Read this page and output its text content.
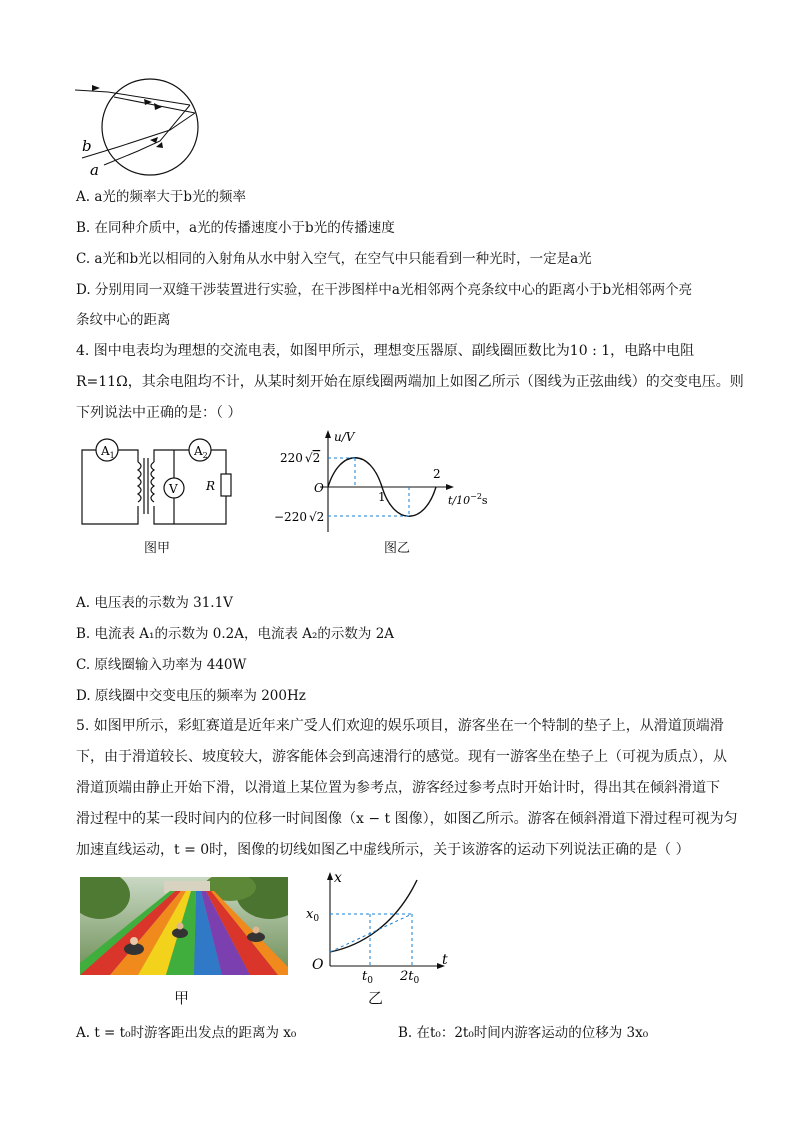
b
a
A. a光的频率大于b光的频率
B. 在同种介质中，a光的传播速度小于b光的传播速度
C. a光和b光以相同的入射角从水中射入空气，在空气中只能看到一种光时，一定是a光
D. 分别用同一双缝干涉装置进行实验，在干涉图样中a光相邻两个亮条纹中心的距离小于b光相邻两个亮
条纹中心的距离
4. 图中电表均为理想的交流电表，如图甲所示，理想变压器原、副线圈匝数比为10 : 1，电路中电阻
R=11Ω，其余电阻均不计，从某时刻开始在原线圈两端加上如图乙所示（图线为正弦曲线）的交变电压。则
下列说法中正确的是：（ ）
$A_1$	$A_2$
V R
图甲
u/V
220 √2
−220 √2
O
1
2
$t/10^{-2}s$
图乙
A. 电压表的示数为 31.1V
B. 电流表 A₁的示数为 0.2A，电流表 A₂的示数为 2A
C. 原线圈输入功率为 440W
D. 原线圈中交变电压的频率为 200Hz
5. 如图甲所示，彩虹赛道是近年来广受人们欢迎的娱乐项目，游客坐在一个特制的垫子上，从滑道顶端滑
下，由于滑道较长、坡度较大，游客能体会到高速滑行的感觉。现有一游客坐在垫子上（可视为质点），从
滑道顶端由静止开始下滑，以滑道上某位置为参考点，游客经过参考点时开始计时，得出其在倾斜滑道下
滑过程中的某一段时间内的位移一时间图像（x − t 图像），如图乙所示。游客在倾斜滑道下滑过程可视为匀
加速直线运动，t = 0时，图像的切线如图乙中虚线所示，关于该游客的运动下列说法正确的是（ ）
甲
x
$x_0$
O
$t_0$ $2t_0$
t
乙
A. t = t₀时游客距出发点的距离为 x₀	B. 在t₀：2t₀时间内游客运动的位移为 3x₀
